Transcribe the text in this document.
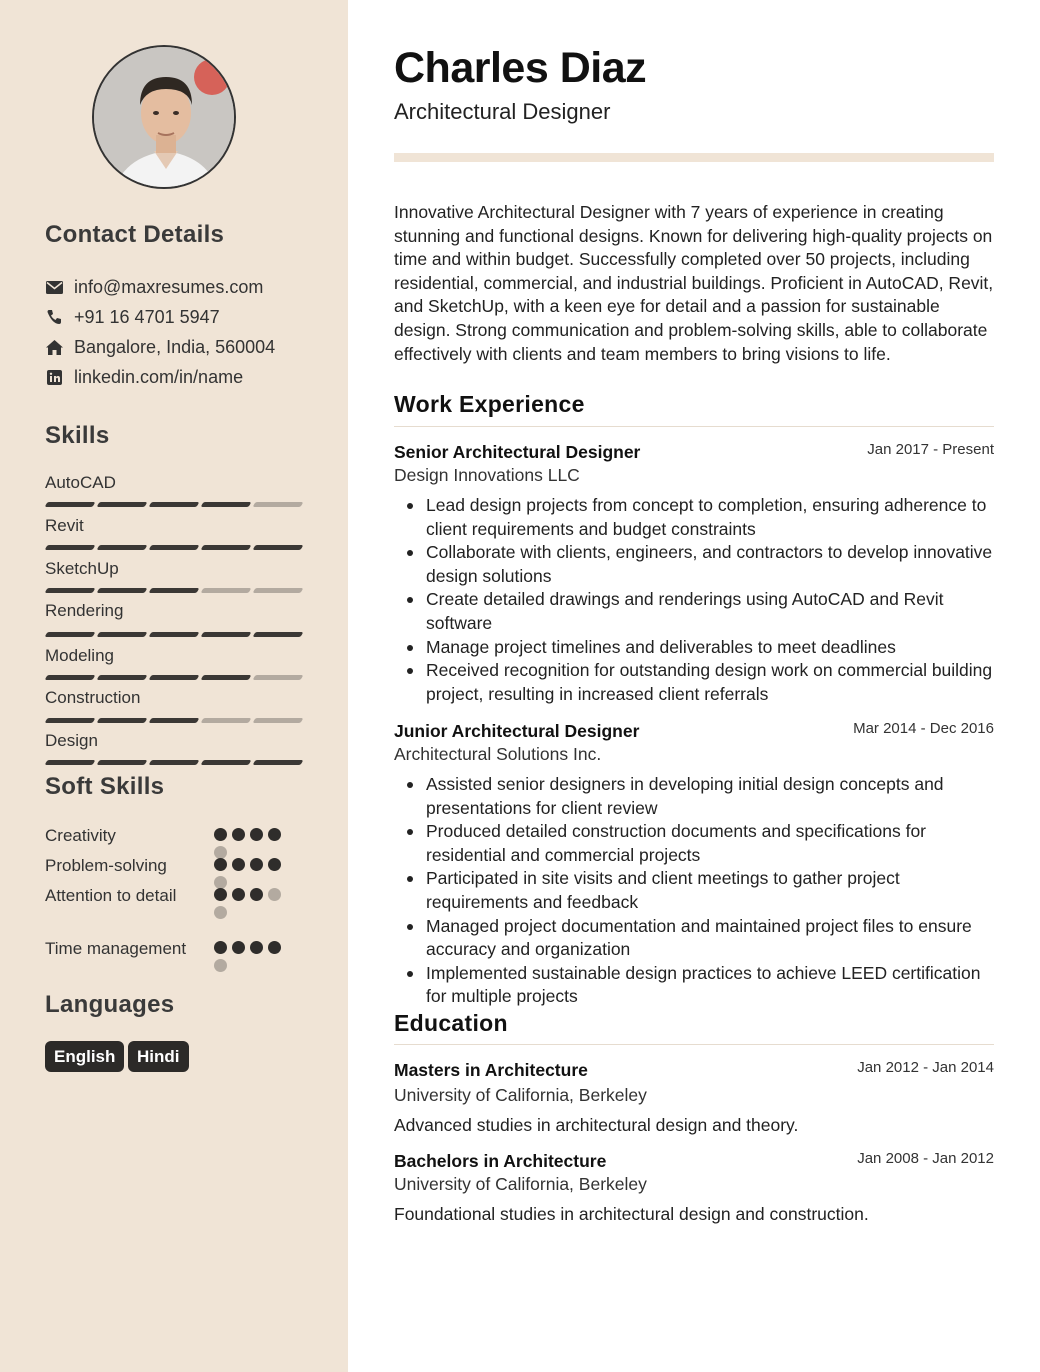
Contact Details
info@maxresumes.com
+91 16 4701 5947
Bangalore, India, 560004
linkedin.com/in/name
Skills
AutoCAD
Revit
SketchUp
Rendering
Modeling
Construction
Design
Soft Skills
Creativity
Problem-solving
Attention to detail
Time management
Languages
English	Hindi
Charles Diaz
Architectural Designer
Innovative Architectural Designer with 7 years of experience in creating stunning and functional designs. Known for delivering high-quality projects on time and within budget. Successfully completed over 50 projects, including residential, commercial, and industrial buildings. Proficient in AutoCAD, Revit, and SketchUp, with a keen eye for detail and a passion for sustainable design. Strong communication and problem-solving skills, able to collaborate effectively with clients and team members to bring visions to life.
Work Experience
Senior Architectural Designer	Jan 2017 - Present
Design Innovations LLC
Lead design projects from concept to completion, ensuring adherence to client requirements and budget constraints
Collaborate with clients, engineers, and contractors to develop innovative design solutions
Create detailed drawings and renderings using AutoCAD and Revit software
Manage project timelines and deliverables to meet deadlines
Received recognition for outstanding design work on commercial building project, resulting in increased client referrals
Junior Architectural Designer	Mar 2014 - Dec 2016
Architectural Solutions Inc.
Assisted senior designers in developing initial design concepts and presentations for client review
Produced detailed construction documents and specifications for residential and commercial projects
Participated in site visits and client meetings to gather project requirements and feedback
Managed project documentation and maintained project files to ensure accuracy and organization
Implemented sustainable design practices to achieve LEED certification for multiple projects
Education
Masters in Architecture	Jan 2012 - Jan 2014
University of California, Berkeley
Advanced studies in architectural design and theory.
Bachelors in Architecture	Jan 2008 - Jan 2012
University of California, Berkeley
Foundational studies in architectural design and construction.
